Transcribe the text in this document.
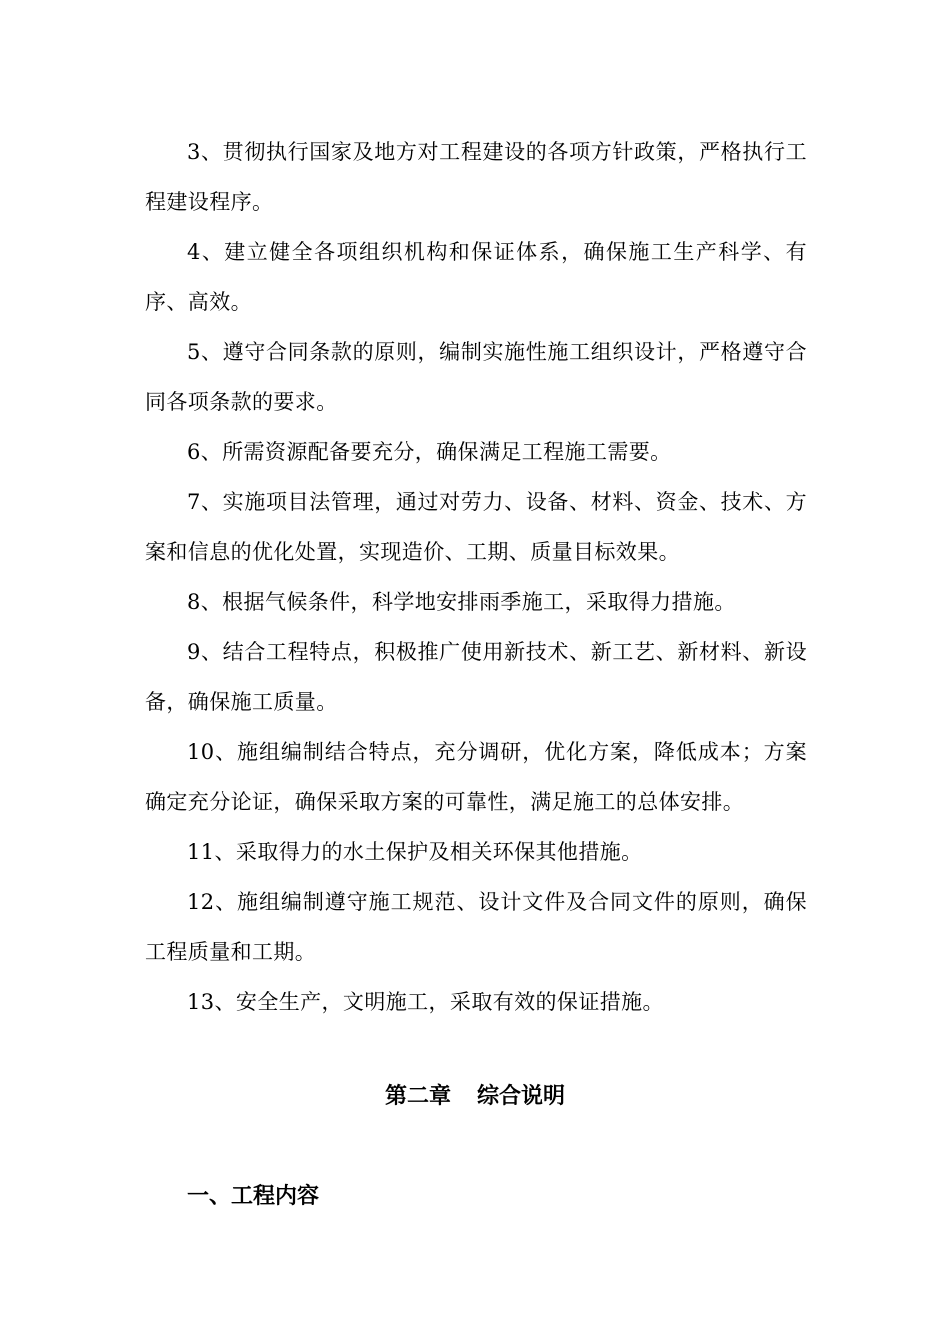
3、贯彻执行国家及地方对工程建设的各项方针政策，严格执行工程建设程序。

4、建立健全各项组织机构和保证体系，确保施工生产科学、有序、高效。

5、遵守合同条款的原则，编制实施性施工组织设计，严格遵守合同各项条款的要求。

6、所需资源配备要充分，确保满足工程施工需要。

7、实施项目法管理，通过对劳力、设备、材料、资金、技术、方案和信息的优化处置，实现造价、工期、质量目标效果。

8、根据气候条件，科学地安排雨季施工，采取得力措施。

9、结合工程特点，积极推广使用新技术、新工艺、新材料、新设备，确保施工质量。

10、施组编制结合特点，充分调研，优化方案，降低成本；方案确定充分论证，确保采取方案的可靠性，满足施工的总体安排。

11、采取得力的水土保护及相关环保其他措施。

12、施组编制遵守施工规范、设计文件及合同文件的原则，确保工程质量和工期。

13、安全生产，文明施工，采取有效的保证措施。

第二章 综合说明
一、工程内容
